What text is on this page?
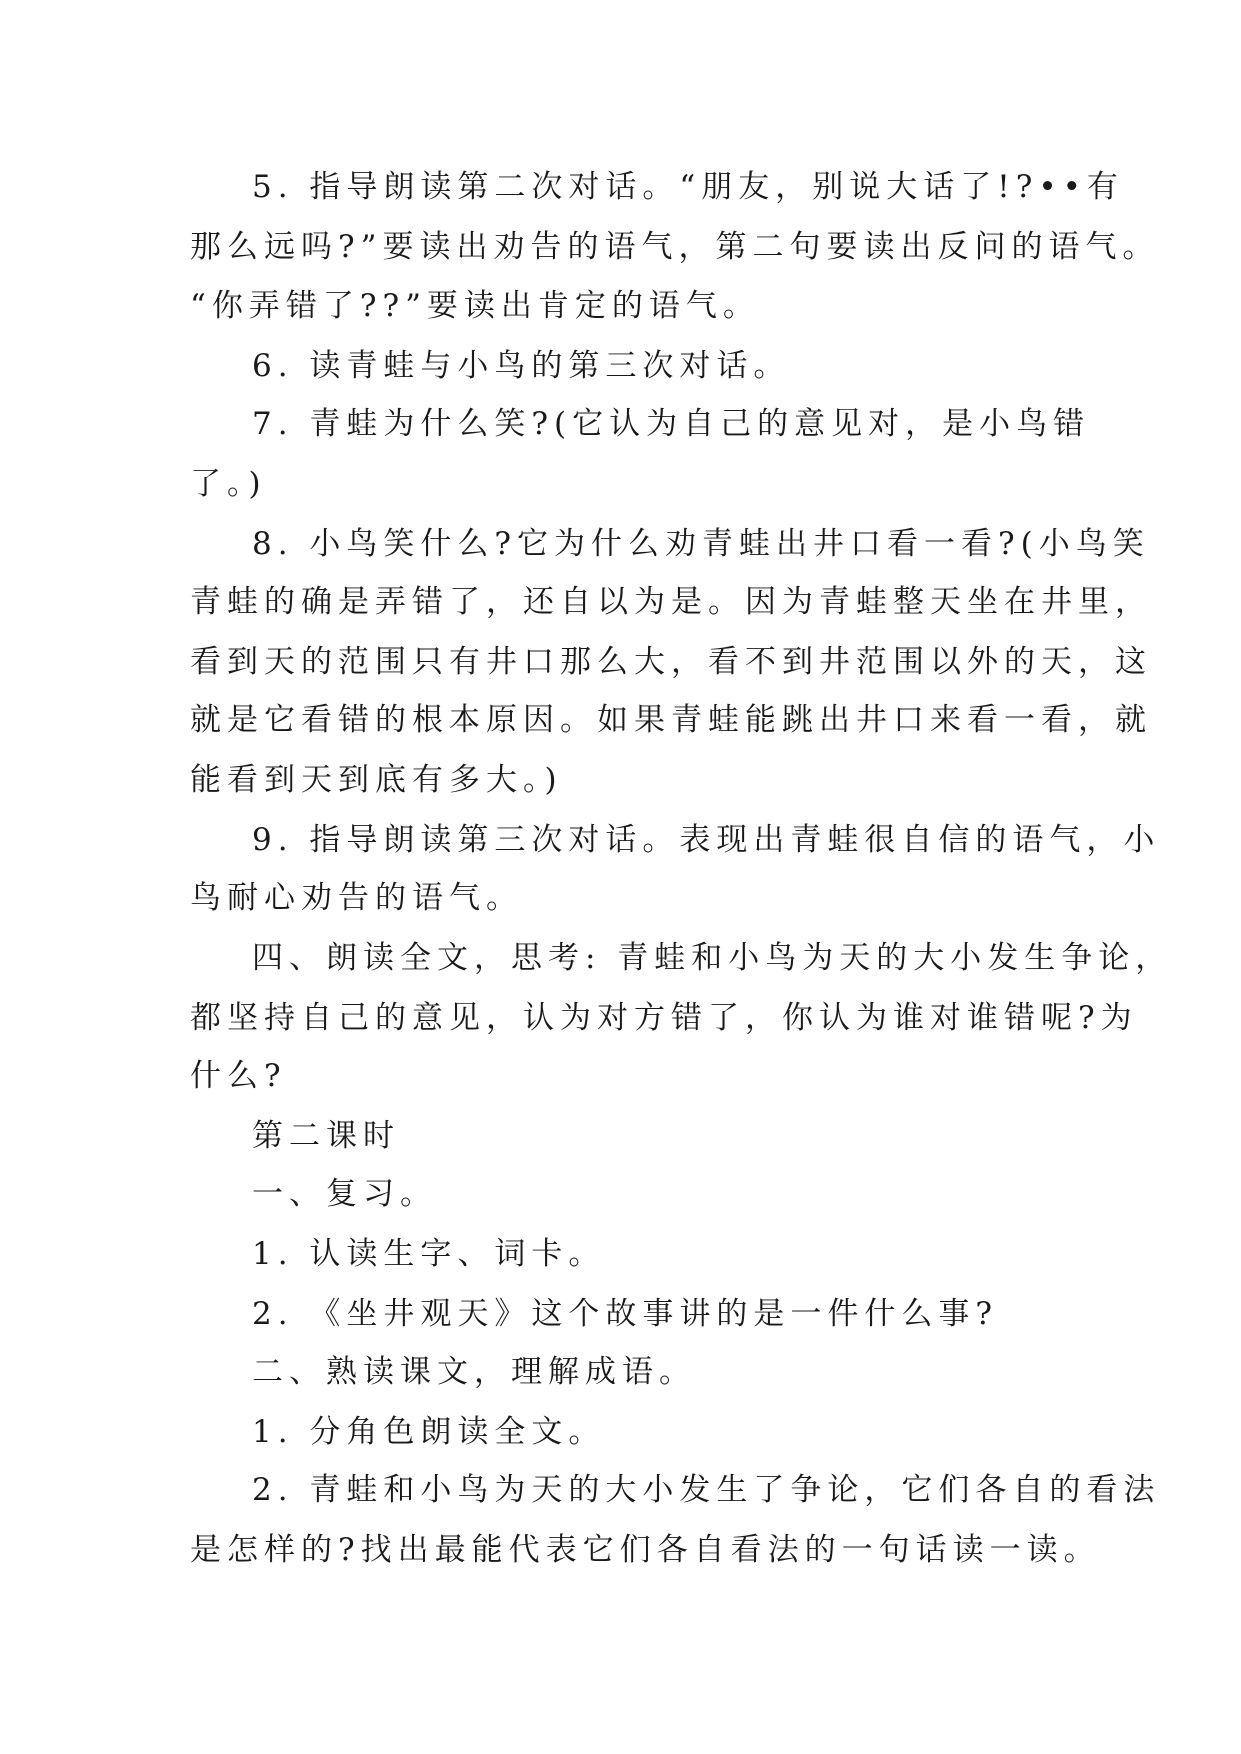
5. 指导朗读第二次对话。“朋友，别说大话了!?••有
那么远吗?”要读出劝告的语气，第二句要读出反问的语气。
“你弄错了??”要读出肯定的语气。
6. 读青蛙与小鸟的第三次对话。
7. 青蛙为什么笑?(它认为自己的意见对，是小鸟错
了。)
8. 小鸟笑什么?它为什么劝青蛙出井口看一看?(小鸟笑
青蛙的确是弄错了，还自以为是。因为青蛙整天坐在井里，
看到天的范围只有井口那么大，看不到井范围以外的天，这
就是它看错的根本原因。如果青蛙能跳出井口来看一看，就
能看到天到底有多大。)
9. 指导朗读第三次对话。表现出青蛙很自信的语气，小
鸟耐心劝告的语气。
四、朗读全文，思考: 青蛙和小鸟为天的大小发生争论，
都坚持自己的意见，认为对方错了，你认为谁对谁错呢?为
什么?
第二课时
一、复习。
1. 认读生字、词卡。
2. 《坐井观天》这个故事讲的是一件什么事?
二、熟读课文，理解成语。
1. 分角色朗读全文。
2. 青蛙和小鸟为天的大小发生了争论，它们各自的看法
是怎样的?找出最能代表它们各自看法的一句话读一读。
